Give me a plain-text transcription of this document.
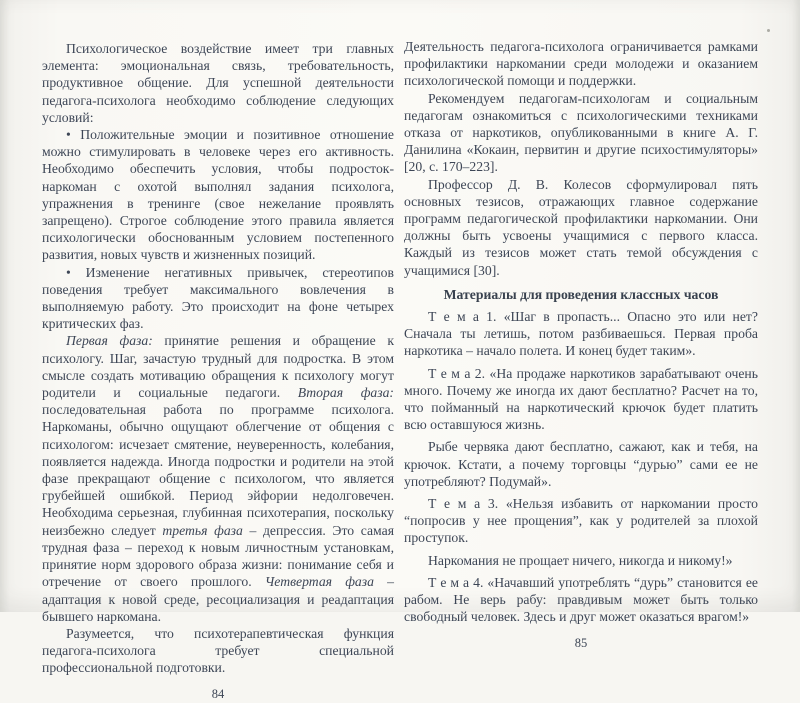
Психологическое воздействие имеет три главных элемента: эмоциональная связь, требовательность, продуктивное общение. Для успешной деятельности педагога-психолога необходимо соблюдение следующих условий:

• Положительные эмоции и позитивное отношение можно стимулировать в человеке через его активность. Необходимо обеспечить условия, чтобы подросток-наркоман с охотой выполнял задания психолога, упражнения в тренинге (свое нежелание проявлять запрещено). Строгое соблюдение этого правила является психологически обоснованным условием постепенного развития, новых чувств и жизненных позиций.

• Изменение негативных привычек, стереотипов поведения требует максимального вовлечения в выполняемую работу. Это происходит на фоне четырех критических фаз.

Первая фаза: принятие решения и обращение к психологу. Шаг, зачастую трудный для подростка. В этом смысле создать мотивацию обращения к психологу могут родители и социальные педагоги. Вторая фаза: последовательная работа по программе психолога. Наркоманы, обычно ощущают облегчение от общения с психологом: исчезает смятение, неуверенность, колебания, появляется надежда. Иногда подростки и родители на этой фазе прекращают общение с психологом, что является грубейшей ошибкой. Период эйфории недолговечен. Необходима серьезная, глубинная психотерапия, поскольку неизбежно следует третья фаза – депрессия. Это самая трудная фаза – переход к новым личностным установкам, принятие норм здорового образа жизни: понимание себя и отречение от своего прошлого. Четвертая фаза – адаптация к новой среде, ресоциализация и реадаптация бывшего наркомана.

Разумеется, что психотерапевтическая функция педагога-психолога требует специальной профессиональной подготовки.

84

Деятельность педагога-психолога ограничивается рамками профилактики наркомании среди молодежи и оказанием психологической помощи и поддержки.

Рекомендуем педагогам-психологам и социальным педагогам ознакомиться с психологическими техниками отказа от наркотиков, опубликованными в книге А. Г. Данилина «Кокаин, первитин и другие психостимуляторы» [20, с. 170–223].

Профессор Д. В. Колесов сформулировал пять основных тезисов, отражающих главное содержание программ педагогической профилактики наркомании. Они должны быть усвоены учащимися с первого класса. Каждый из тезисов может стать темой обсуждения с учащимися [30].

Материалы для проведения классных часов

Т е м а 1. «Шаг в пропасть... Опасно это или нет? Сначала ты летишь, потом разбиваешься. Первая проба наркотика – начало полета. И конец будет таким».

Т е м а 2. «На продаже наркотиков зарабатывают очень много. Почему же иногда их дают бесплатно? Расчет на то, что пойманный на наркотический крючок будет платить всю оставшуюся жизнь.

Рыбе червяка дают бесплатно, сажают, как и тебя, на крючок. Кстати, а почему торговцы “дурью” сами ее не употребляют? Подумай».

Т е м а 3. «Нельзя избавить от наркомании просто “попросив у нее прощения”, как у родителей за плохой проступок.

Наркомания не прощает ничего, никогда и никому!»

Т е м а 4. «Начавший употреблять “дурь” становится ее рабом. Не верь рабу: правдивым может быть только свободный человек. Здесь и друг может оказаться врагом!»

85
